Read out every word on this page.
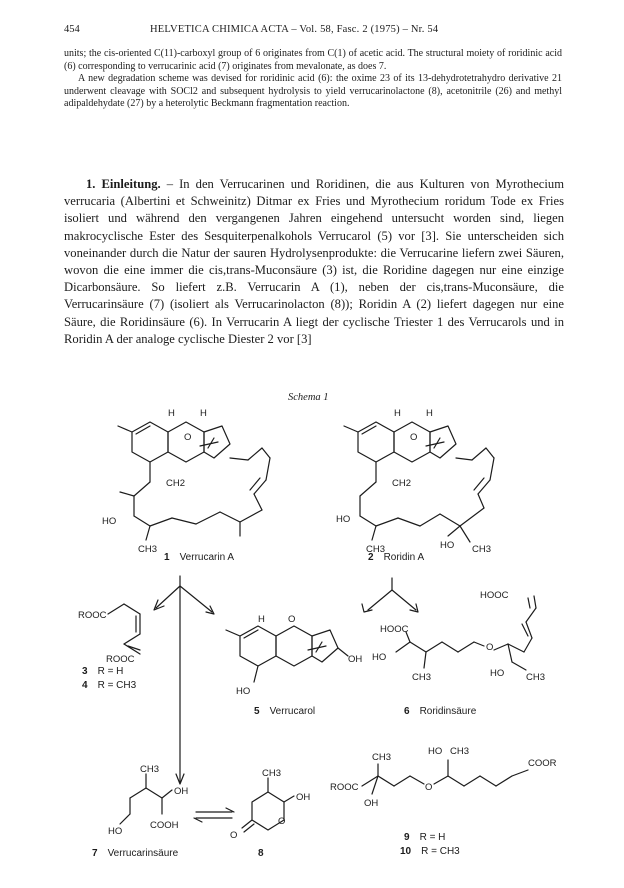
454	HELVETICA CHIMICA ACTA – Vol. 58, Fasc. 2 (1975) – Nr. 54

units; the cis-oriented C(11)-carboxyl group of 6 originates from C(1) of acetic acid. The structural moiety of roridinic acid (6) corresponding to verrucarinic acid (7) originates from mevalonate, as does 7.

A new degradation scheme was devised for roridinic acid (6): the oxime 23 of its 13-dehydrotetrahydro derivative 21 underwent cleavage with SOCl2 and subsequent hydrolysis to yield verrucarinolactone (8), acetonitrile (26) and methyl adipaldehydate (27) by a heterolytic Beckmann fragmentation reaction.

1. Einleitung. – In den Verrucarinen und Roridinen, die aus Kulturen von Myrothecium verrucaria (Albertini et Schweinitz) Ditmar ex Fries und Myrothecium roridum Tode ex Fries isoliert und während den vergangenen Jahren eingehend untersucht worden sind, liegen makrocyclische Ester des Sesquiterpenalkohols Verrucarol (5) vor [3]. Sie unterscheiden sich voneinander durch die Natur der sauren Hydrolysenprodukte: die Verrucarine liefern zwei Säuren, wovon die eine immer die cis,trans-Muconsäure (3) ist, die Roridine dagegen nur eine einzige Dicarbonsäure. So liefert z.B. Verrucarin A (1), neben der cis,trans-Muconsäure, die Verrucarinsäure (7) (isoliert als Verrucarinolacton (8)); Roridin A (2) liefert dagegen nur eine Säure, die Roridinsäure (6). In Verrucarin A liegt der cyclische Triester 1 des Verrucarols und in Roridin A der analoge cyclische Diester 2 vor [3]

Schema 1
H	H
O
CH2
HO
CH3
H	H
O
CH2
HO
CH3	HO CH3
ROOC
ROOC
H O
HO
OH
HOOC
HOOC
HO
CH3
O
HO CH3
CH3
OH
COOH
HO
CH3
OH
O
O
ROOC
CH3
OH
O
HO CH3
COOR
1 Verrucarin A	2 Roridin A
3 R = H
4 R = CH3
5 Verrucarol	6 Roridinsäure
9 R = H
10 R = CH3
7 Verrucarinsäure	8
